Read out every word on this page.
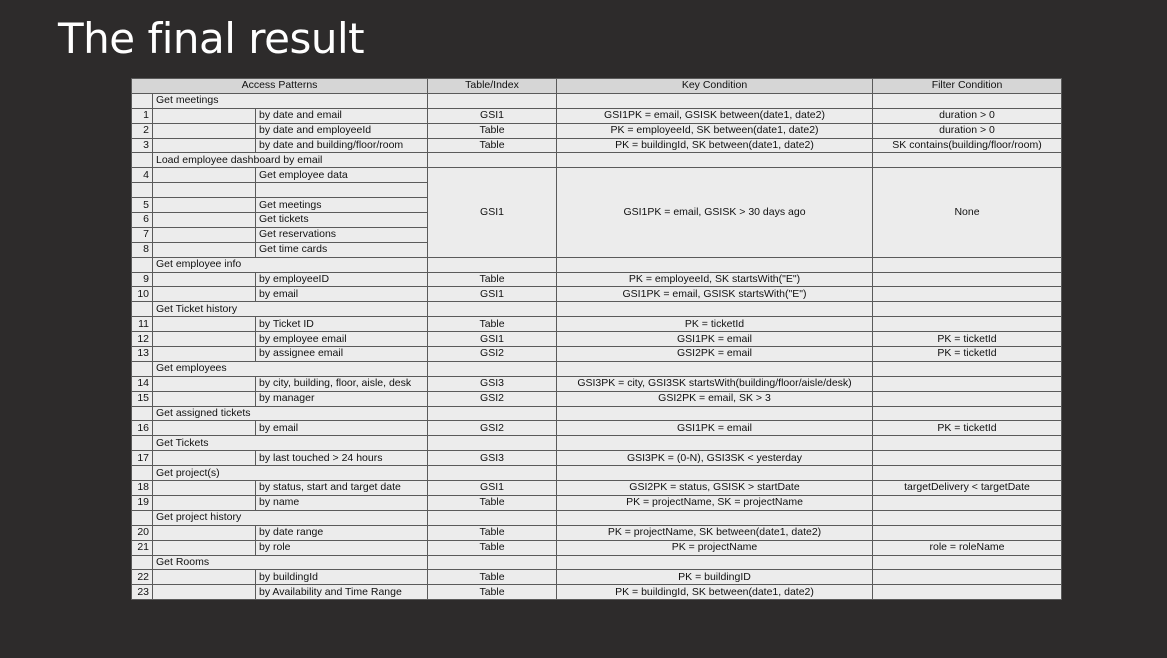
The final result
Access Patterns			Table/Index	Key Condition	Filter Condition
	Get meetings				
1		by date and email	GSI1	GSI1PK = email, GSISK between(date1, date2)	duration > 0
2		by date and employeeId	Table	PK = employeeId, SK between(date1, date2)	duration > 0
3		by date and building/floor/room	Table	PK = buildingId, SK between(date1, date2)	SK contains(building/floor/room)
	Load employee dashboard by email				
4		Get employee data	GSI1	GSI1PK = email, GSISK > 30 days ago	None

5		Get meetings			
6		Get tickets			
7		Get reservations			
8		Get time cards			
	Get employee info				
9		by employeeID	Table	PK = employeeId, SK startsWith("E")	
10		by email	GSI1	GSI1PK = email, GSISK startsWith("E")	
	Get Ticket history				
11		by Ticket ID	Table	PK = ticketId	
12		by employee email	GSI1	GSI1PK = email	PK = ticketId
13		by assignee email	GSI2	GSI2PK = email	PK = ticketId
	Get employees				
14		by city, building, floor, aisle, desk	GSI3	GSI3PK = city, GSI3SK startsWith(building/floor/aisle/desk)	
15		by manager	GSI2	GSI2PK = email, SK > 3	
	Get assigned tickets				
16		by email	GSI2	GSI1PK = email	PK = ticketId
	Get Tickets				
17		by last touched > 24 hours	GSI3	GSI3PK = (0-N), GSI3SK < yesterday	
	Get project(s)				
18		by status, start and target date	GSI1	GSI2PK = status, GSISK > startDate	targetDelivery < targetDate
19		by name	Table	PK = projectName, SK = projectName	
	Get project history				
20		by date range	Table	PK = projectName, SK between(date1, date2)	
21		by role	Table	PK = projectName	role = roleName
	Get Rooms				
22		by buildingId	Table	PK = buildingID	
23		by Availability and Time Range	Table	PK = buildingId, SK between(date1, date2)	
